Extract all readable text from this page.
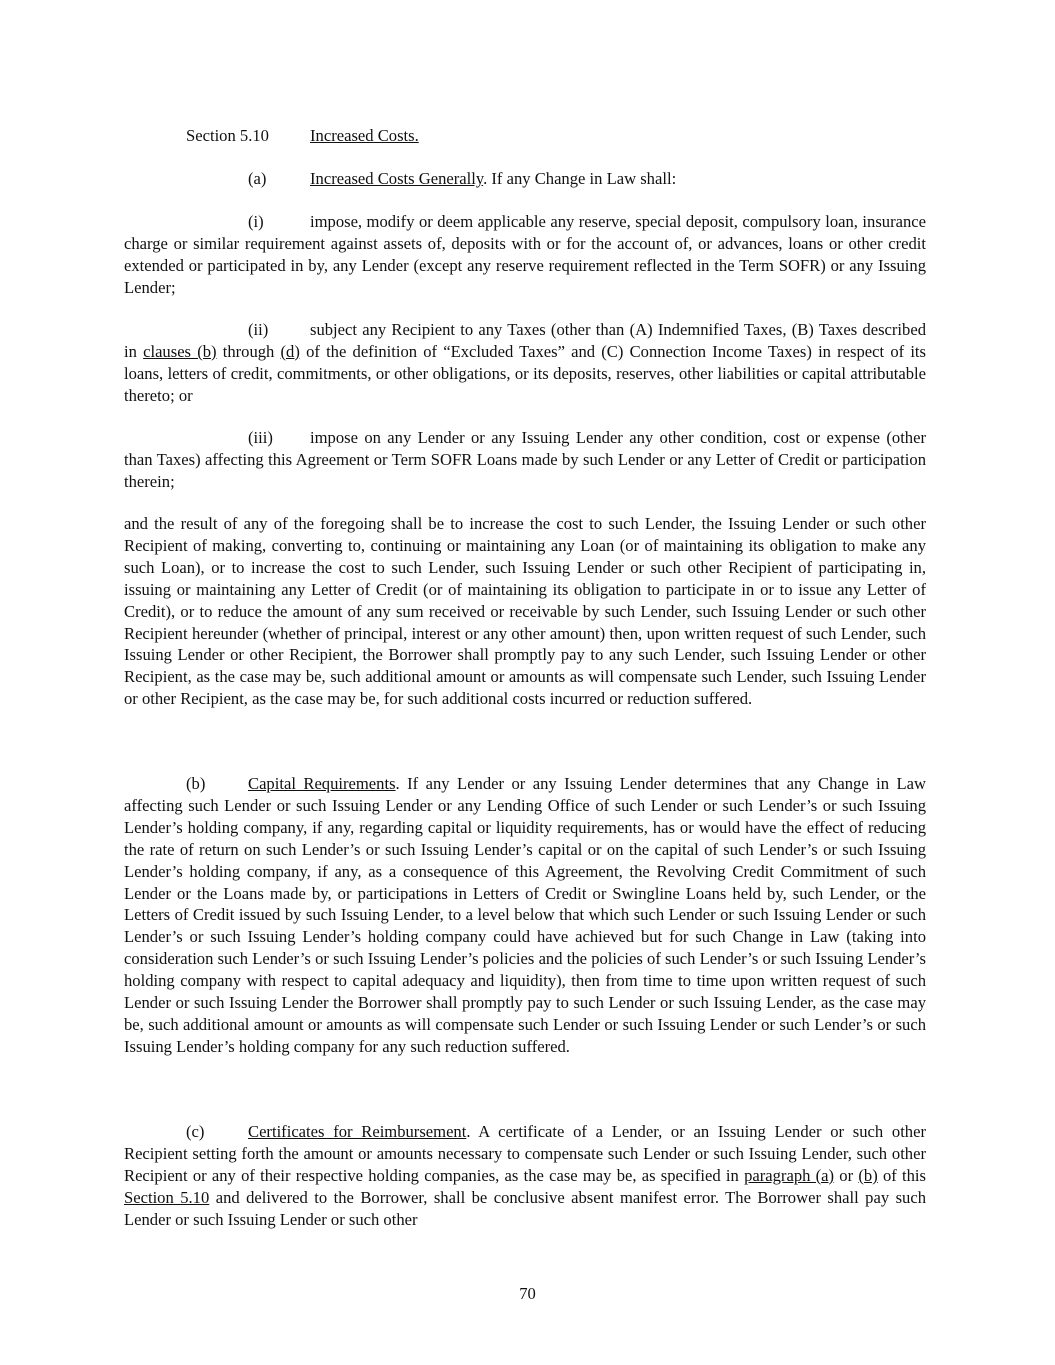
Section 5.10 Increased Costs.
(a)	Increased Costs Generally. If any Change in Law shall:

(i)	impose, modify or deem applicable any reserve, special deposit, compulsory loan, insurance charge or similar requirement against assets of, deposits with or for the account of, or advances, loans or other credit extended or participated in by, any Lender (except any reserve requirement reflected in the Term SOFR) or any Issuing Lender;

(ii)	subject any Recipient to any Taxes (other than (A) Indemnified Taxes, (B) Taxes described in clauses (b) through (d) of the definition of “Excluded Taxes” and (C) Connection Income Taxes) in respect of its loans, letters of credit, commitments, or other obligations, or its deposits, reserves, other liabilities or capital attributable thereto; or

(iii) impose on any Lender or any Issuing Lender any other condition, cost or expense (other than Taxes) affecting this Agreement or Term SOFR Loans made by such Lender or any Letter of Credit or participation therein;

and the result of any of the foregoing shall be to increase the cost to such Lender, the Issuing Lender or such other Recipient of making, converting to, continuing or maintaining any Loan (or of maintaining its obligation to make any such Loan), or to increase the cost to such Lender, such Issuing Lender or such other Recipient of participating in, issuing or maintaining any Letter of Credit (or of maintaining its obligation to participate in or to issue any Letter of Credit), or to reduce the amount of any sum received or receivable by such Lender, such Issuing Lender or such other Recipient hereunder (whether of principal, interest or any other amount) then, upon written request of such Lender, such Issuing Lender or other Recipient, the Borrower shall promptly pay to any such Lender, such Issuing Lender or other Recipient, as the case may be, such additional amount or amounts as will compensate such Lender, such Issuing Lender or other Recipient, as the case may be, for such additional costs incurred or reduction suffered.

(b)	Capital Requirements. If any Lender or any Issuing Lender determines that any Change in Law affecting such Lender or such Issuing Lender or any Lending Office of such Lender or such Lender’s or such Issuing Lender’s holding company, if any, regarding capital or liquidity requirements, has or would have the effect of reducing the rate of return on such Lender’s or such Issuing Lender’s capital or on the capital of such Lender’s or such Issuing Lender’s holding company, if any, as a consequence of this Agreement, the Revolving Credit Commitment of such Lender or the Loans made by, or participations in Letters of Credit or Swingline Loans held by, such Lender, or the Letters of Credit issued by such Issuing Lender, to a level below that which such Lender or such Issuing Lender or such Lender’s or such Issuing Lender’s holding company could have achieved but for such Change in Law (taking into consideration such Lender’s or such Issuing Lender’s policies and the policies of such Lender’s or such Issuing Lender’s holding company with respect to capital adequacy and liquidity), then from time to time upon written request of such Lender or such Issuing Lender the Borrower shall promptly pay to such Lender or such Issuing Lender, as the case may be, such additional amount or amounts as will compensate such Lender or such Issuing Lender or such Lender’s or such Issuing Lender’s holding company for any such reduction suffered.

(c)	Certificates for Reimbursement. A certificate of a Lender, or an Issuing Lender or such other Recipient setting forth the amount or amounts necessary to compensate such Lender or such Issuing Lender, such other Recipient or any of their respective holding companies, as the case may be, as specified in paragraph (a) or (b) of this Section 5.10 and delivered to the Borrower, shall be conclusive absent manifest error. The Borrower shall pay such Lender or such Issuing Lender or such other

70
